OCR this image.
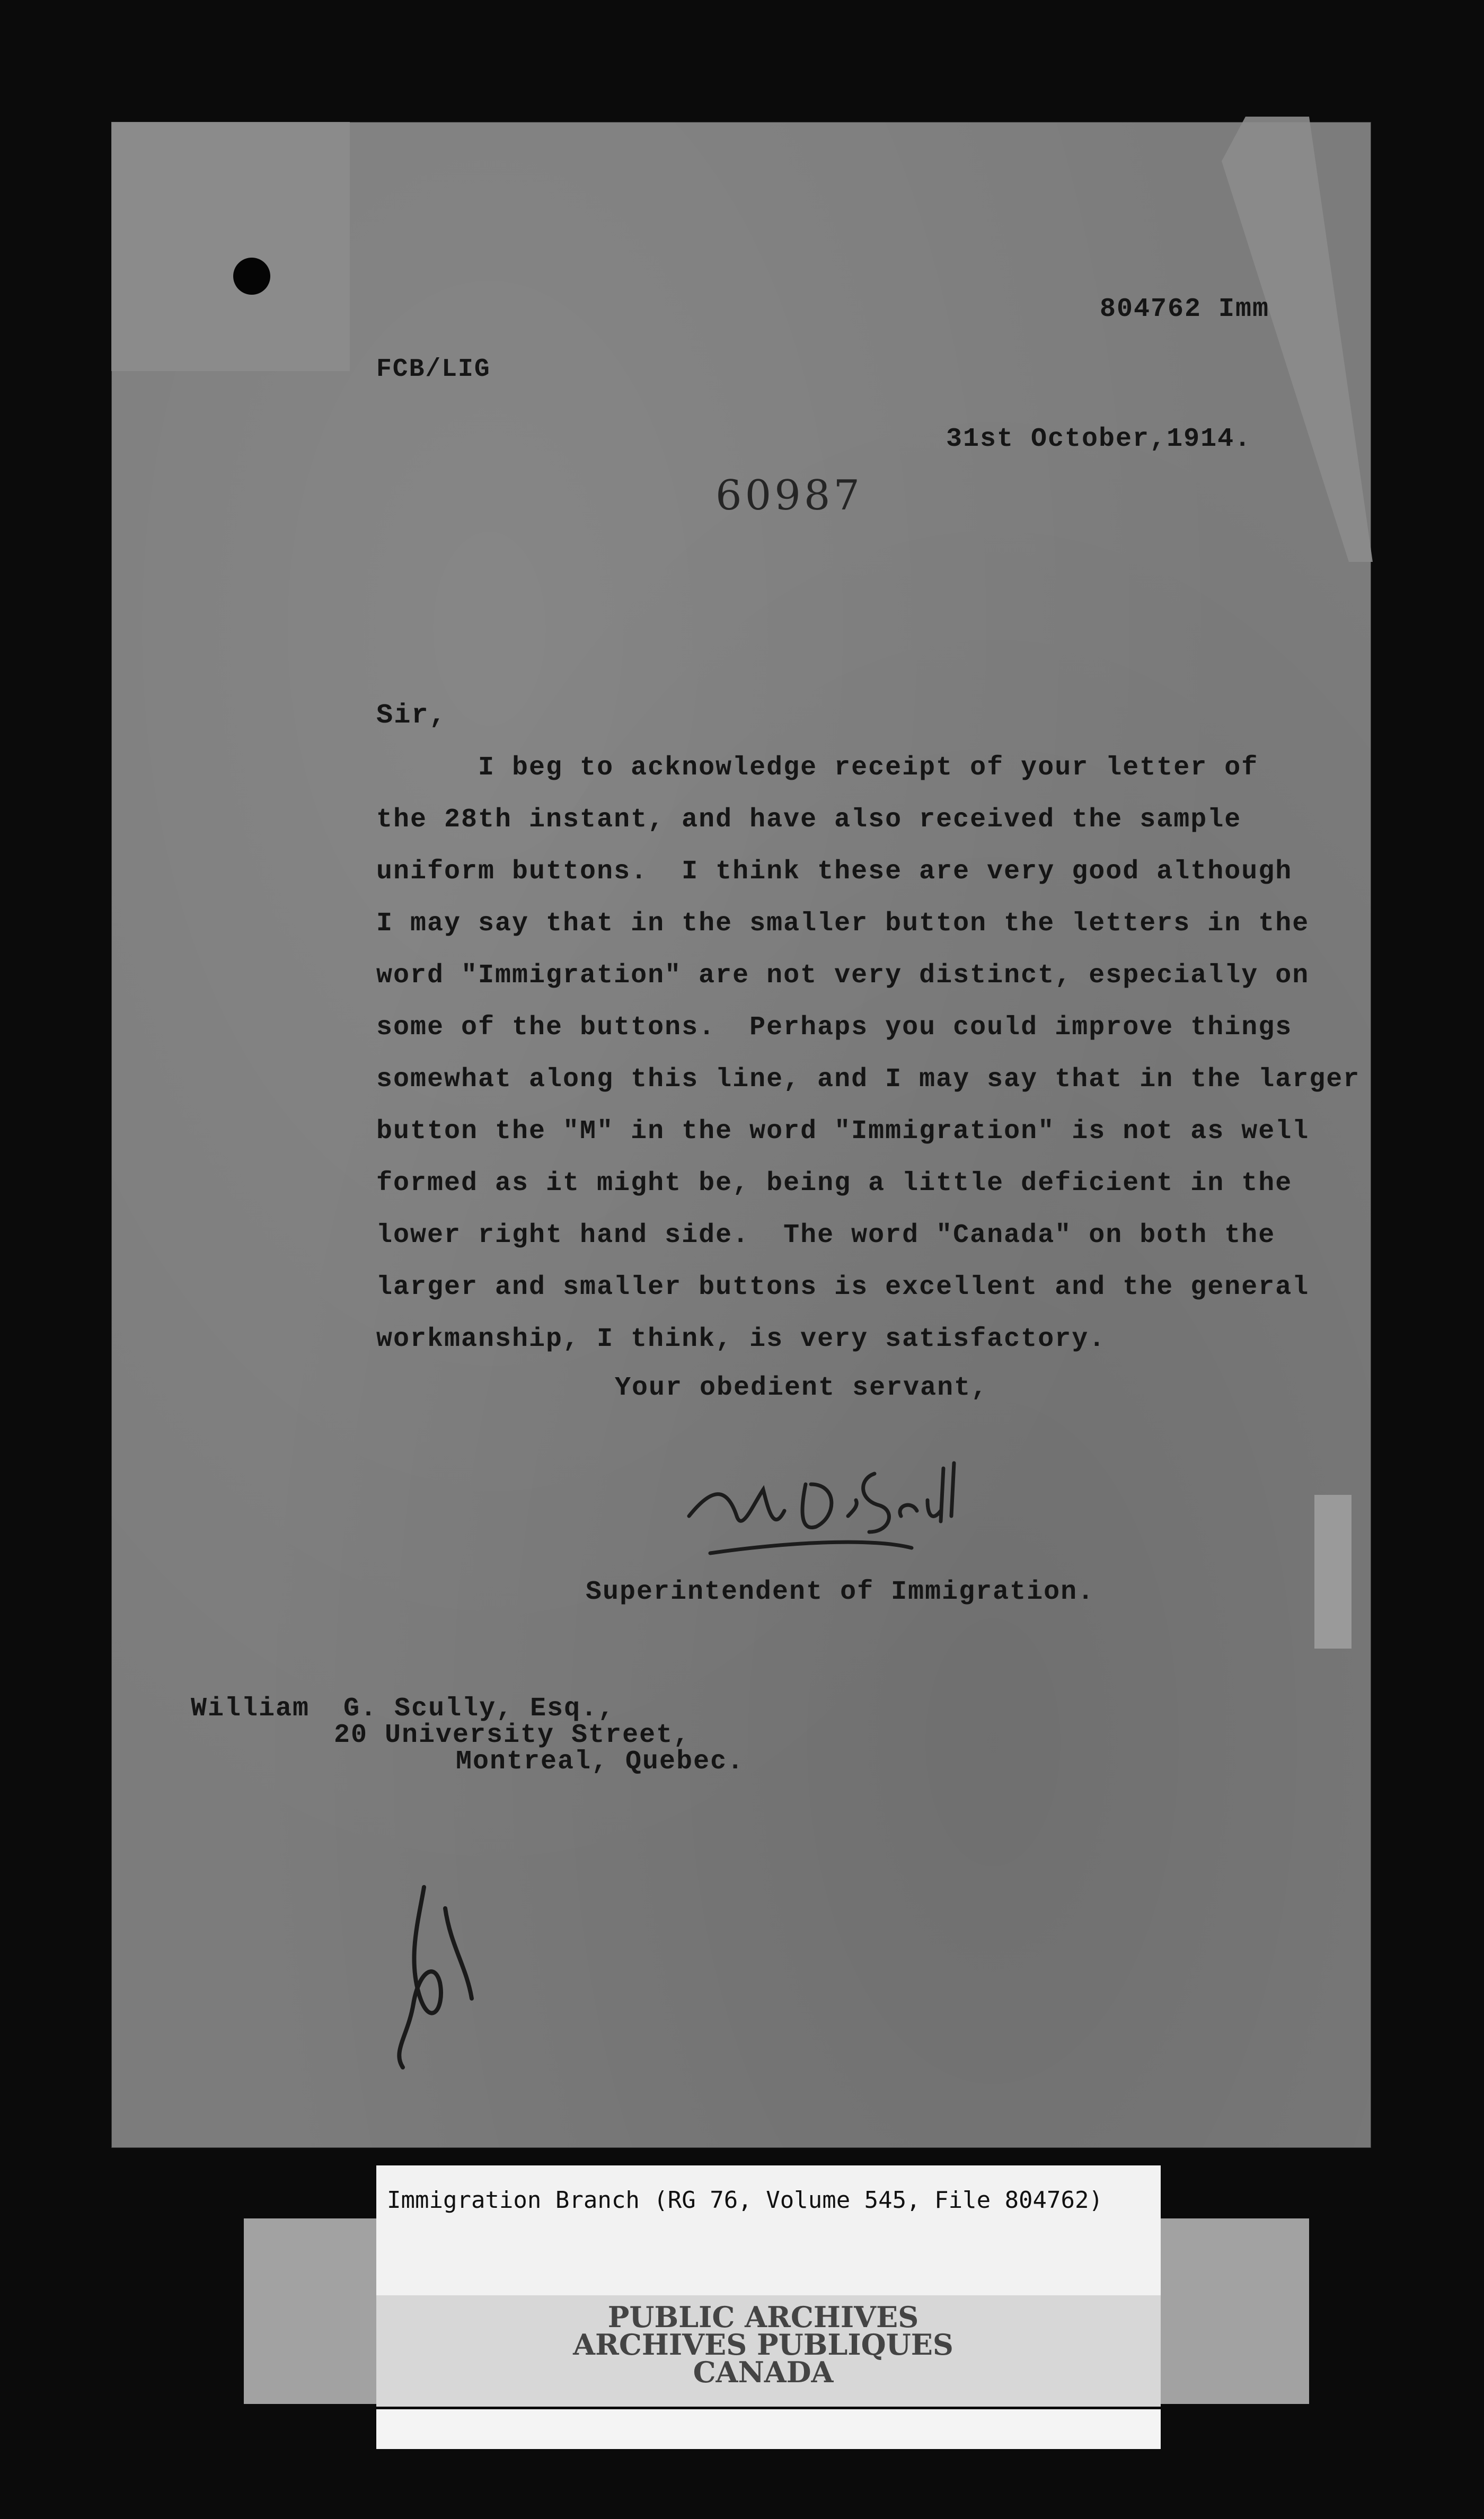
804762 Imm
FCB/LIG
31st October,1914.
60987
Sir,
I beg to acknowledge receipt of your letter of
the 28th instant, and have also received the sample
uniform buttons.  I think these are very good although
I may say that in the smaller button the letters in the
word "Immigration" are not very distinct, especially on
some of the buttons.  Perhaps you could improve things
somewhat along this line, and I may say that in the larger
button the "M" in the word "Immigration" is not as well
formed as it might be, being a little deficient in the
lower right hand side.  The word "Canada" on both the
larger and smaller buttons is excellent and the general
workmanship, I think, is very satisfactory.
Your obedient servant,
Superintendent of Immigration.
William  G. Scully, Esq.,
20 University Street,
Montreal, Quebec.
Immigration Branch (RG 76, Volume 545, File 804762)
PUBLIC ARCHIVES
ARCHIVES PUBLIQUES
CANADA
